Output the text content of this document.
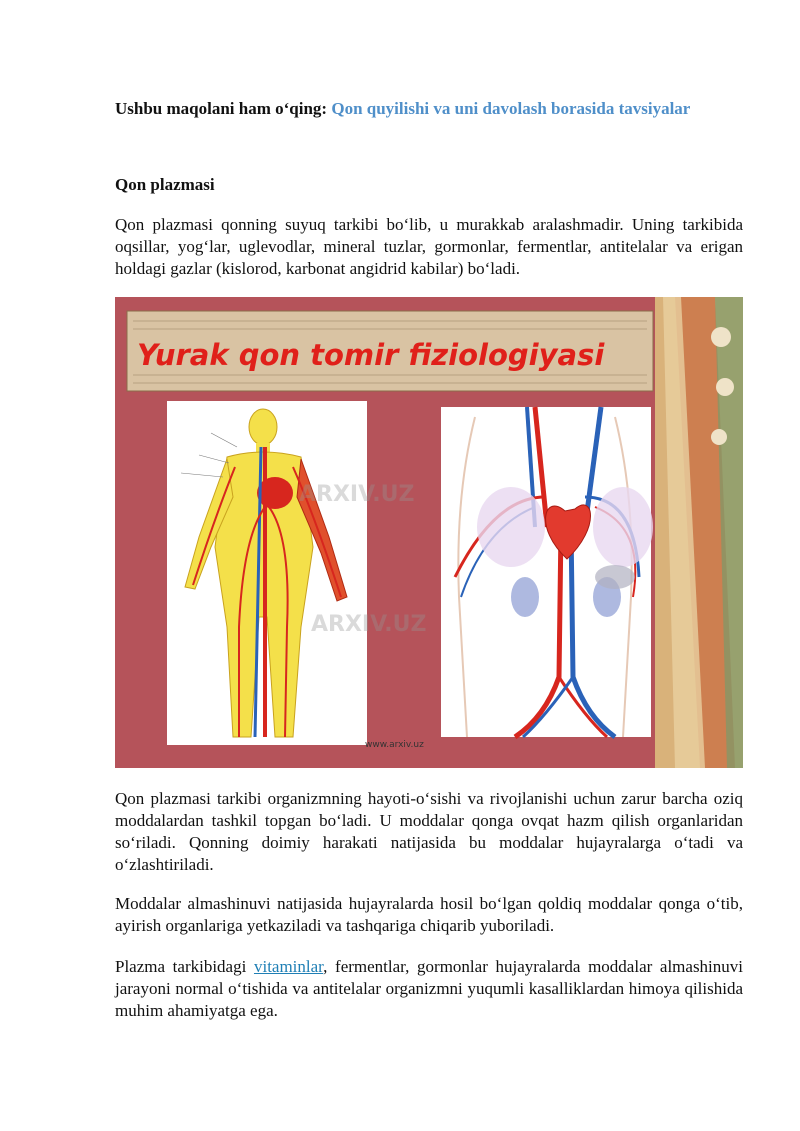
Ushbu maqolani ham o‘qing: Qon quyilishi va uni davolash borasida tavsiyalar

Qon plazmasi

Qon plazmasi qonning suyuq tarkibi bo‘lib, u murakkab aralashmadir. Uning tarkibida oqsillar, yog‘lar, uglevodlar, mineral tuzlar, gormonlar, fermentlar, antitelalar va erigan holdagi gazlar (kislorod, karbonat angidrid kabilar) bo‘ladi.

Yurak qon tomir fiziologiyasi
ARXIV.UZ
ARXIV.UZ
www.arxiv.uz

Qon plazmasi tarkibi organizmning hayoti-o‘sishi va rivojlanishi uchun zarur barcha oziq moddalardan tashkil topgan bo‘ladi. U moddalar qonga ovqat hazm qilish organlaridan so‘riladi. Qonning doimiy harakati natijasida bu moddalar hujayralarga o‘tadi va o‘zlashtiriladi.

Moddalar almashinuvi natijasida hujayralarda hosil bo‘lgan qoldiq moddalar qonga o‘tib, ayirish organlariga yetkaziladi va tashqariga chiqarib yuboriladi.

Plazma tarkibidagi vitaminlar, fermentlar, gormonlar hujayralarda moddalar almashinuvi jarayoni normal o‘tishida va antitelalar organizmni yuqumli kasalliklardan himoya qilishida muhim ahamiyatga ega.
